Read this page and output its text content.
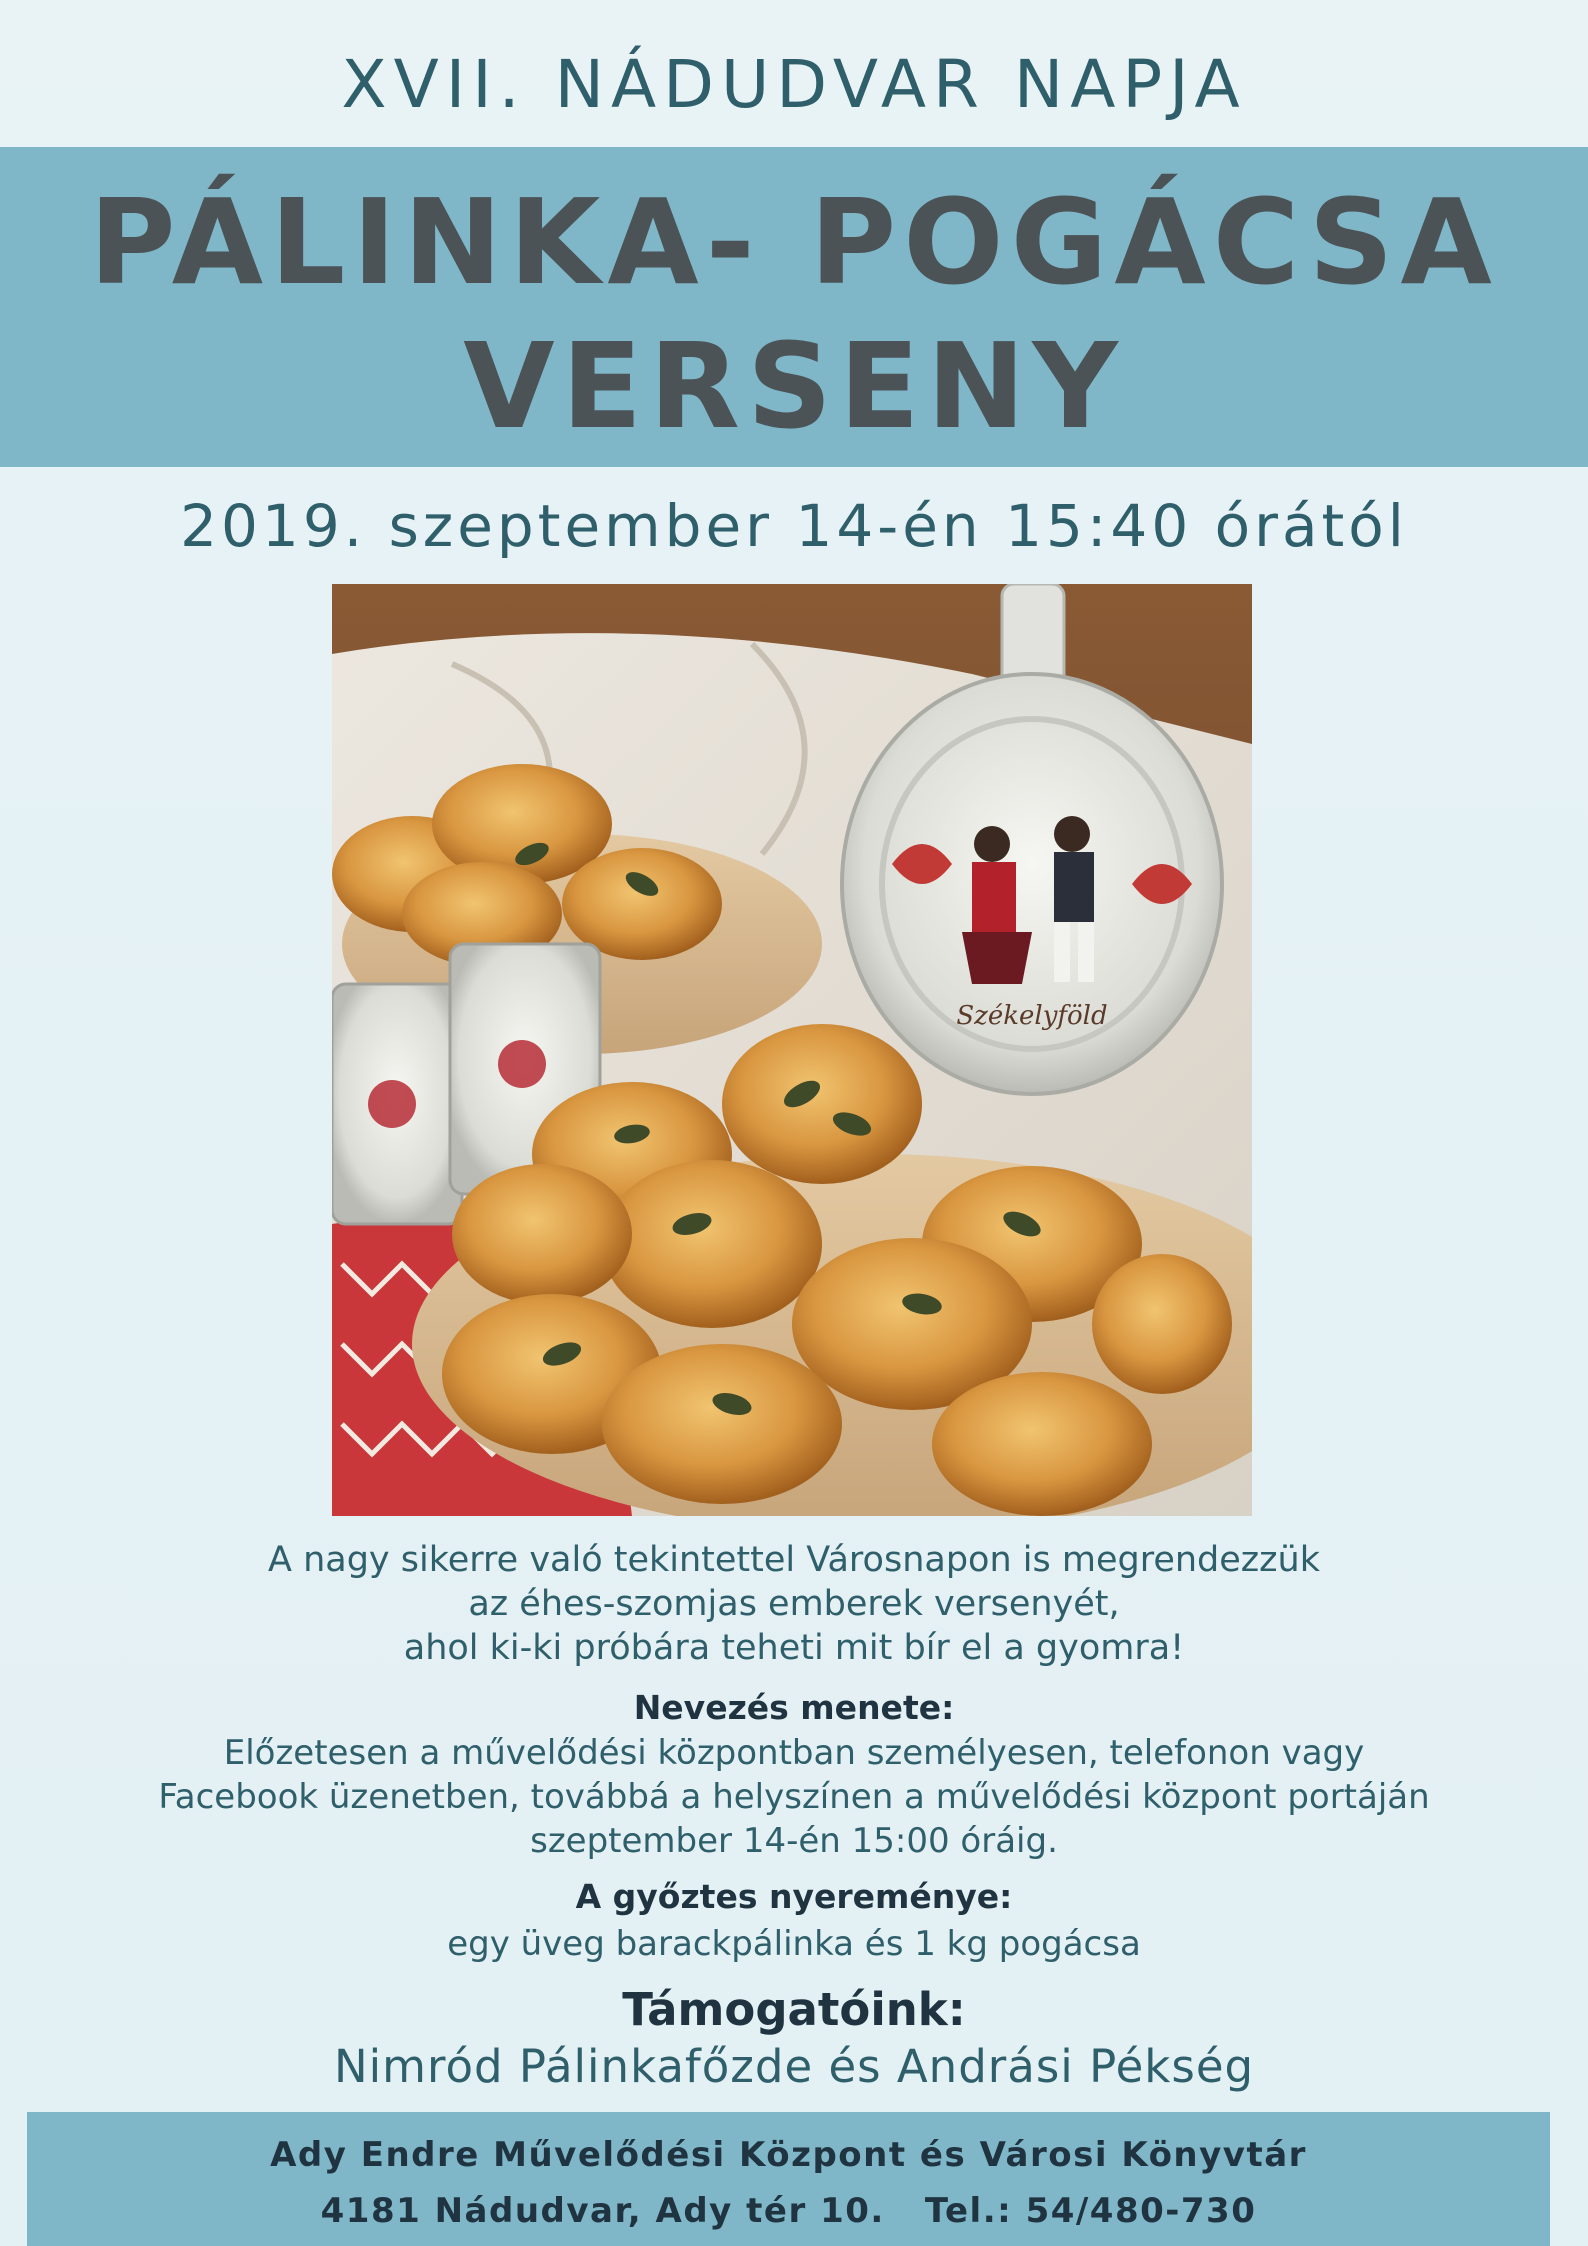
XVII. NÁDUDVAR NAPJA
PÁLINKA- POGÁCSA
VERSENY
2019. szeptember 14-én 15:40 órától
Székelyföld
A nagy sikerre való tekintettel Városnapon is megrendezzük
az éhes-szomjas emberek versenyét,
ahol ki-ki próbára teheti mit bír el a gyomra!
Nevezés menete:
Előzetesen a művelődési központban személyesen, telefonon vagy
Facebook üzenetben, továbbá a helyszínen a művelődési központ portáján
szeptember 14-én 15:00 óráig.
A győztes nyereménye:
egy üveg barackpálinka és 1 kg pogácsa
Támogatóink:
Nimród Pálinkafőzde és Andrási Pékség
Ady Endre Művelődési Központ és Városi Könyvtár
4181 Nádudvar, Ady tér 10.   Tel.: 54/480-730
